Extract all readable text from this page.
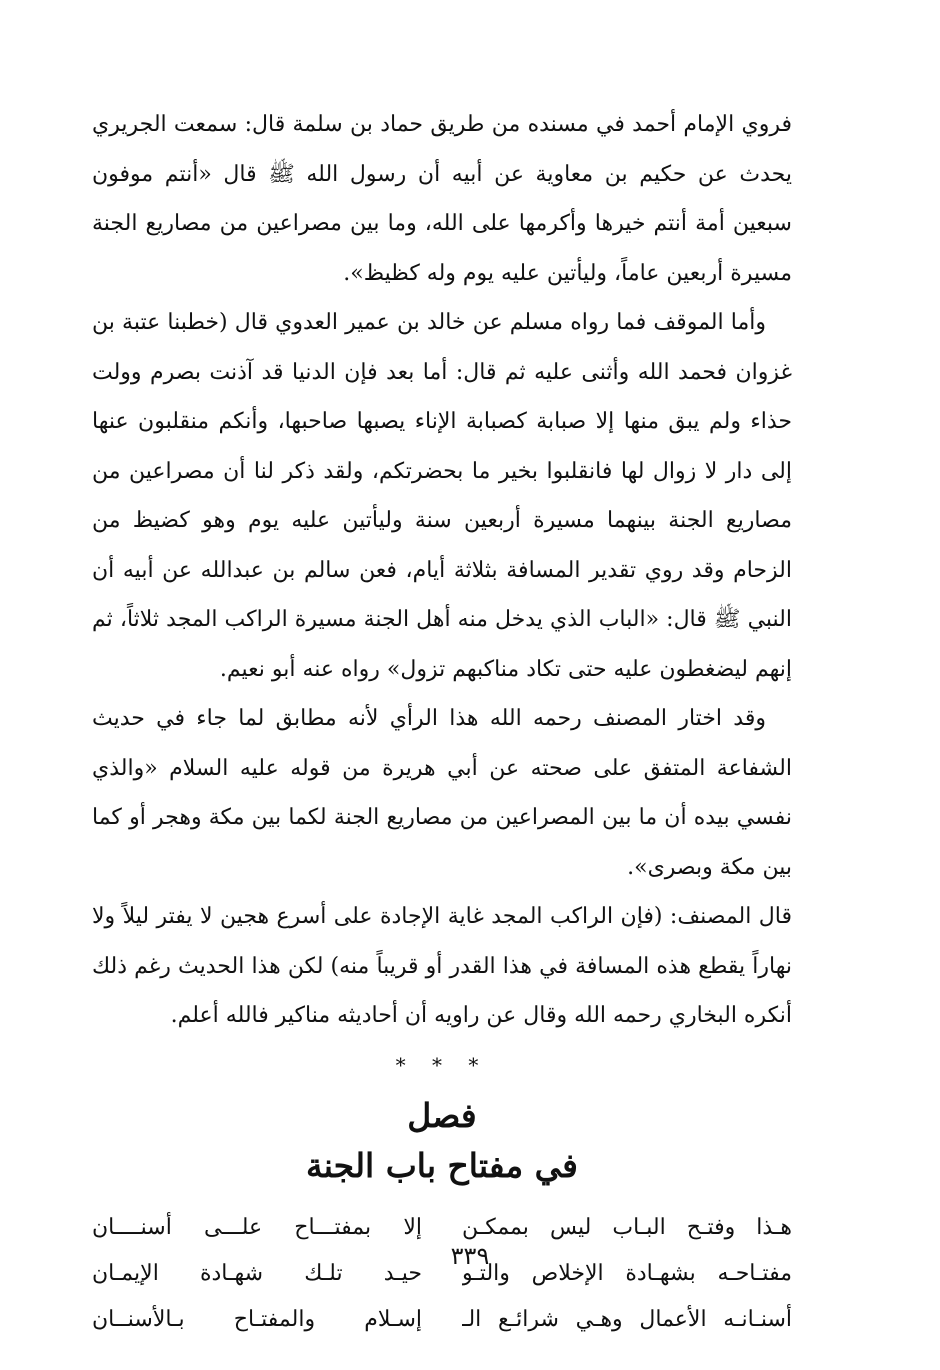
فروي الإمام أحمد في مسنده من طريق حماد بن سلمة قال: سمعت الجريري يحدث عن حكيم بن معاوية عن أبيه أن رسول الله ﷺ قال «أنتم موفون سبعين أمة أنتم خيرها وأكرمها على الله، وما بين مصراعين من مصاريع الجنة مسيرة أربعين عاماً، وليأتين عليه يوم وله كظيظ».

وأما الموقف فما رواه مسلم عن خالد بن عمير العدوي قال (خطبنا عتبة بن غزوان فحمد الله وأثنى عليه ثم قال: أما بعد فإن الدنيا قد آذنت بصرم وولت حذاء ولم يبق منها إلا صبابة كصبابة الإناء يصبها صاحبها، وأنكم منقلبون عنها إلى دار لا زوال لها فانقلبوا بخير ما بحضرتكم، ولقد ذكر لنا أن مصراعين من مصاريع الجنة بينهما مسيرة أربعين سنة وليأتين عليه يوم وهو كضيظ من الزحام وقد روي تقدير المسافة بثلاثة أيام، فعن سالم بن عبدالله عن أبيه أن النبي ﷺ قال: «الباب الذي يدخل منه أهل الجنة مسيرة الراكب المجد ثلاثاً، ثم إنهم ليضغطون عليه حتى تكاد مناكبهم تزول» رواه عنه أبو نعيم.

وقد اختار المصنف رحمه الله هذا الرأي لأنه مطابق لما جاء في حديث الشفاعة المتفق على صحته عن أبي هريرة من قوله عليه السلام «والذي نفسي بيده أن ما بين المصراعين من مصاريع الجنة لكما بين مكة وهجر أو كما بين مكة وبصرى».

قال المصنف: (فإن الراكب المجد غاية الإجادة على أسرع هجين لا يفتر ليلاً ولا نهاراً يقطع هذه المسافة في هذا القدر أو قريباً منه) لكن هذا الحديث رغم ذلك أنكره البخاري رحمه الله وقال عن راويه أن أحاديثه مناكير فالله أعلم.

* * *
فصل
في مفتاح باب الجنة
هـذا وفتـح البـاب ليس بممكـن
إلا بمفتـــاح علـــى أسنــــان
مفتـاحـه بشهـادة الإخلاص والتـو
حيـد تلـك شهـادة الإيمـان
أسنـانـه الأعمال وهـي شرائـع الـ
إسـلام والمفتـاح بـالأسنــان
٣٣٩
